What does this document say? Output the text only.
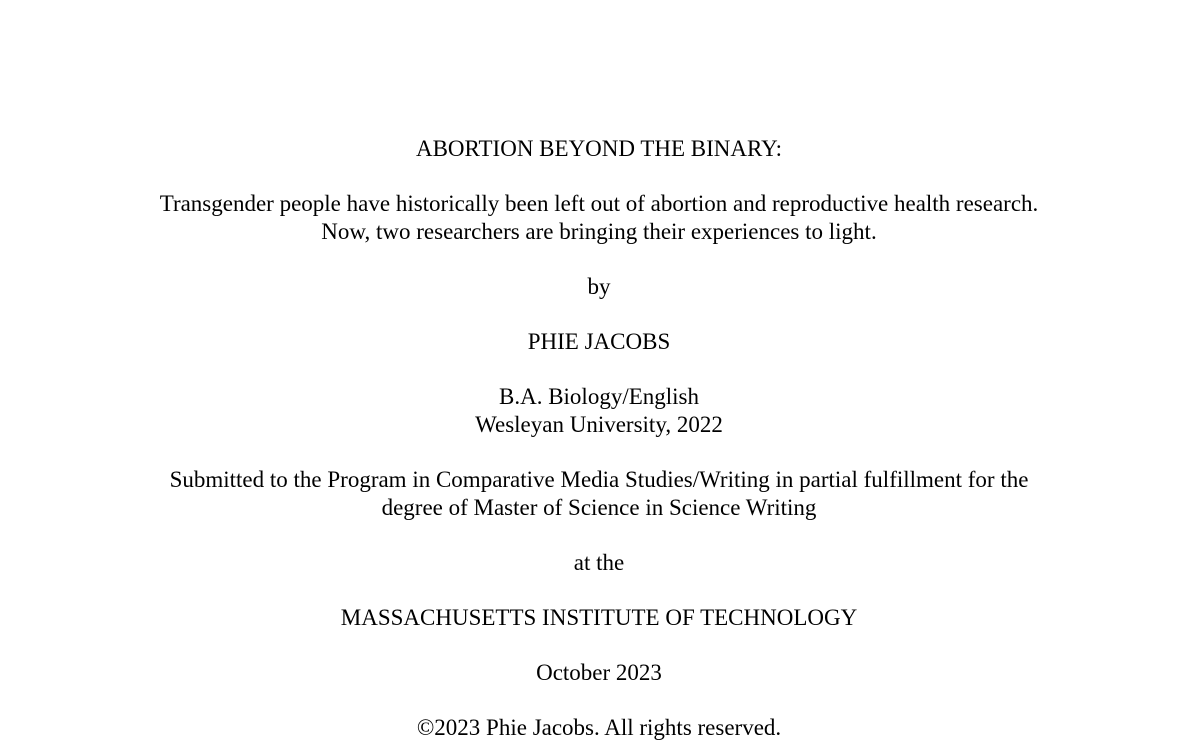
ABORTION BEYOND THE BINARY:
Transgender people have historically been left out of abortion and reproductive health research.
Now, two researchers are bringing their experiences to light.
by
PHIE JACOBS
B.A. Biology/English
Wesleyan University, 2022
Submitted to the Program in Comparative Media Studies/Writing in partial fulfillment for the
degree of Master of Science in Science Writing
at the
MASSACHUSETTS INSTITUTE OF TECHNOLOGY
October 2023
©2023 Phie Jacobs. All rights reserved.
